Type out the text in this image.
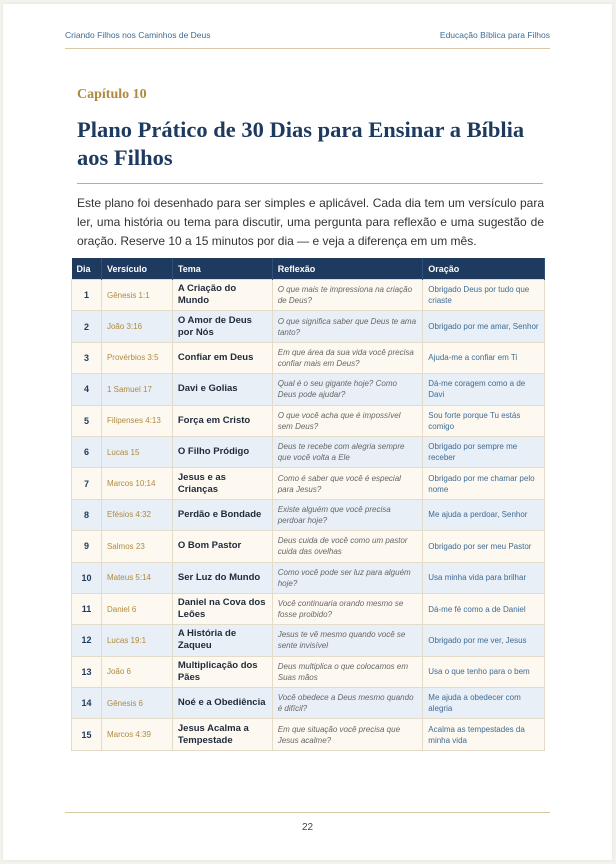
Criando Filhos nos Caminhos de Deus	Educação Bíblica para Filhos
Capítulo 10
Plano Prático de 30 Dias para Ensinar a Bíblia aos Filhos

Este plano foi desenhado para ser simples e aplicável. Cada dia tem um versículo para ler, uma história ou tema para discutir, uma pergunta para reflexão e uma sugestão de oração. Reserve 10 a 15 minutos por dia — e veja a diferença em um mês.

Dia	Versículo	Tema	Reflexão	Oração
1	Gênesis 1:1	A Criação do Mundo	O que mais te impressiona na criação de Deus?	Obrigado Deus por tudo que criaste
2	João 3:16	O Amor de Deus por Nós	O que significa saber que Deus te ama tanto?	Obrigado por me amar, Senhor
3	Provérbios 3:5	Confiar em Deus	Em que área da sua vida você precisa confiar mais em Deus?	Ajuda-me a confiar em Ti
4	1 Samuel 17	Davi e Golias	Qual é o seu gigante hoje? Como Deus pode ajudar?	Dá-me coragem como a de Davi
5	Filipenses 4:13	Força em Cristo	O que você acha que é impossível sem Deus?	Sou forte porque Tu estás comigo
6	Lucas 15	O Filho Pródigo	Deus te recebe com alegria sempre que você volta a Ele	Obrigado por sempre me receber
7	Marcos 10:14	Jesus e as Crianças	Como é saber que você é especial para Jesus?	Obrigado por me chamar pelo nome
8	Efésios 4:32	Perdão e Bondade	Existe alguém que você precisa perdoar hoje?	Me ajuda a perdoar, Senhor
9	Salmos 23	O Bom Pastor	Deus cuida de você como um pastor cuida das ovelhas	Obrigado por ser meu Pastor
10	Mateus 5:14	Ser Luz do Mundo	Como você pode ser luz para alguém hoje?	Usa minha vida para brilhar
11	Daniel 6	Daniel na Cova dos Leões	Você continuaria orando mesmo se fosse proibido?	Dá-me fé como a de Daniel
12	Lucas 19:1	A História de Zaqueu	Jesus te vê mesmo quando você se sente invisível	Obrigado por me ver, Jesus
13	João 6	Multiplicação dos Pães	Deus multiplica o que colocamos em Suas mãos	Usa o que tenho para o bem
14	Gênesis 6	Noé e a Obediência	Você obedece a Deus mesmo quando é difícil?	Me ajuda a obedecer com alegria
15	Marcos 4:39	Jesus Acalma a Tempestade	Em que situação você precisa que Jesus acalme?	Acalma as tempestades da minha vida
22
